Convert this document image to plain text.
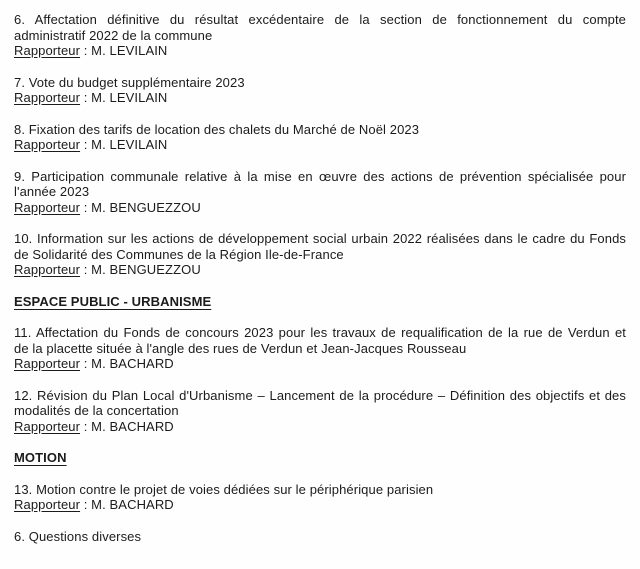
6. Affectation définitive du résultat excédentaire de la section de fonctionnement du compte
administratif 2022 de la commune
Rapporteur : M. LEVILAIN
7. Vote du budget supplémentaire 2023
Rapporteur : M. LEVILAIN
8. Fixation des tarifs de location des chalets du Marché de Noël 2023
Rapporteur : M. LEVILAIN
9. Participation communale relative à la mise en œuvre des actions de prévention spécialisée pour
l'année 2023
Rapporteur : M. BENGUEZZOU
10. Information sur les actions de développement social urbain 2022 réalisées dans le cadre du Fonds
de Solidarité des Communes de la Région Ile-de-France
Rapporteur : M. BENGUEZZOU
ESPACE PUBLIC - URBANISME
11. Affectation du Fonds de concours 2023 pour les travaux de requalification de la rue de Verdun et
de la placette située à l'angle des rues de Verdun et Jean-Jacques Rousseau
Rapporteur : M. BACHARD
12. Révision du Plan Local d'Urbanisme – Lancement de la procédure – Définition des objectifs et des
modalités de la concertation
Rapporteur : M. BACHARD
MOTION
13. Motion contre le projet de voies dédiées sur le périphérique parisien
Rapporteur : M. BACHARD
6. Questions diverses
